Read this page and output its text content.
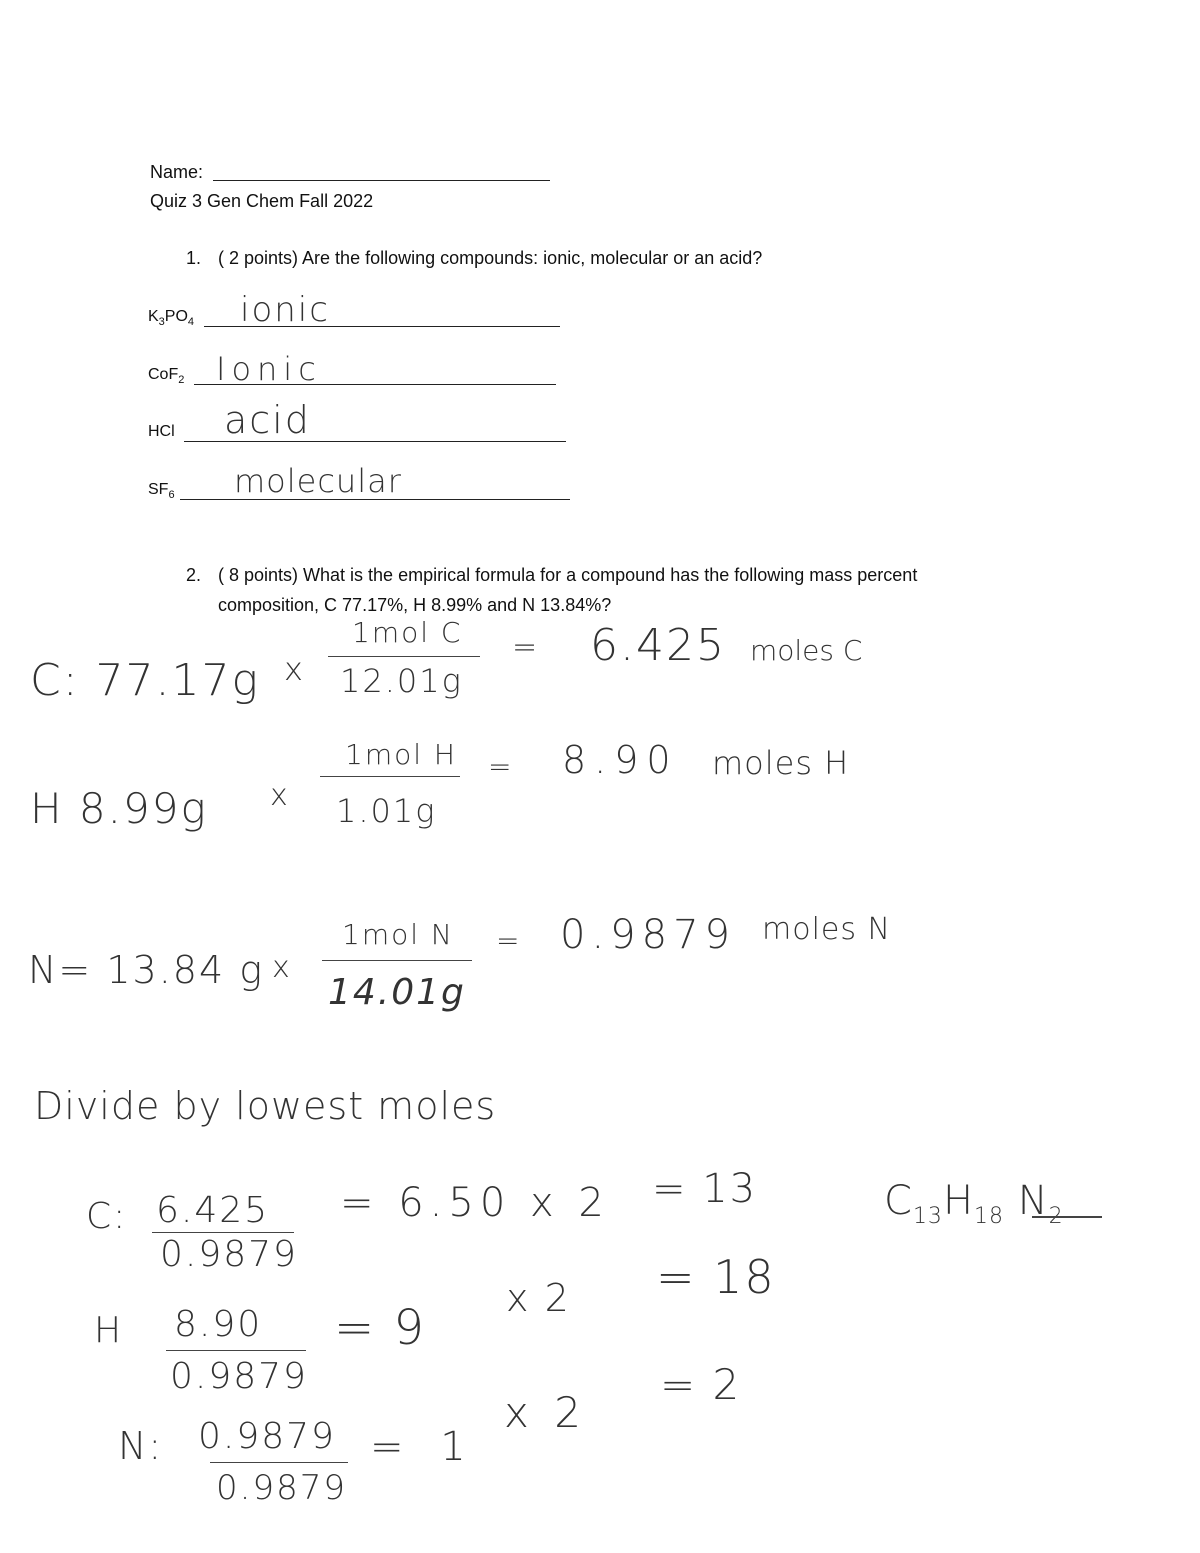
Name:
Quiz 3 Gen Chem Fall 2022
1. ( 2 points) Are the following compounds: ionic, molecular or an acid?
$K_3PO_4$ ionic
CoF$_2$ Ionic
HCl acid
$SF_6$ molecular
2. ( 8 points) What is the empirical formula for a compound has the following mass percent
composition, C 77.17%, H 8.99% and N 13.84%?
C: 77.17g x
1mol C
12.01g
= 6.425 moles C
H 8.99g x
1mol H
1.01g
= 8.90 moles H
N= 13.84 g x
1mol N
14.01g
= 0.9879 moles N
Divide by lowest moles
C: 6.425
0.9879
= 6.50 x 2 = 13	$C_{13}H_{18}$ $N_2$
H 8.90
0.9879
= 9
x 2 = 18
N: 0.9879
0.9879
= 1
x 2
= 2
